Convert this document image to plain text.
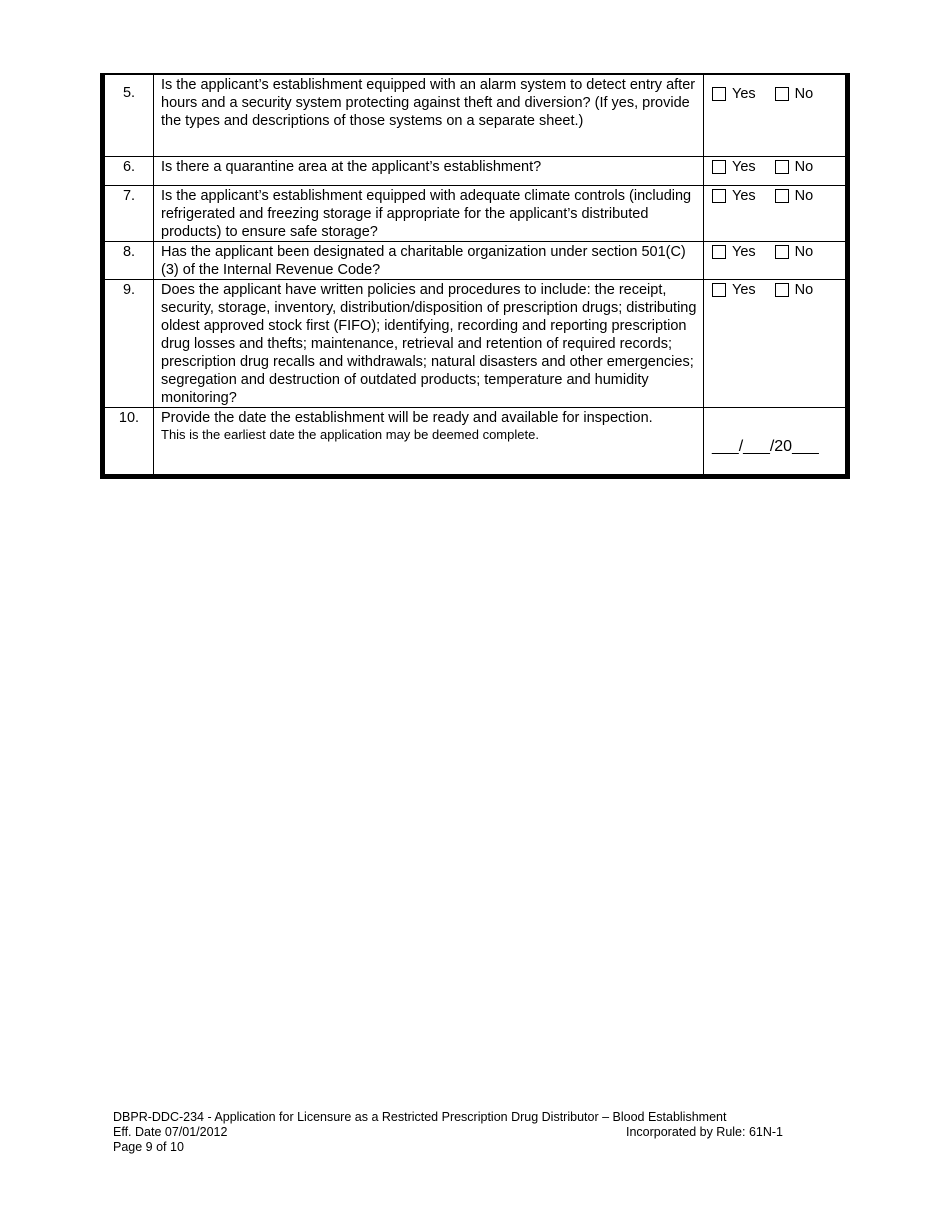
5.	Is the applicant’s establishment equipped with an alarm system to detect entry after hours and a security system protecting against theft and diversion? (If yes, provide the types and descriptions of those systems on a separate sheet.)	Yes No

6.	Is there a quarantine area at the applicant’s establishment?	Yes No

7.	Is the applicant’s establishment equipped with adequate climate controls (including refrigerated and freezing storage if appropriate for the applicant’s distributed products) to ensure safe storage?	Yes No

8.	Has the applicant been designated a charitable organization under section 501(C)(3) of the Internal Revenue Code?	Yes No

9.	Does the applicant have written policies and procedures to include: the receipt, security, storage, inventory, distribution/disposition of prescription drugs; distributing oldest approved stock first (FIFO); identifying, recording and reporting prescription drug losses and thefts; maintenance, retrieval and retention of required records; prescription drug recalls and withdrawals; natural disasters and other emergencies; segregation and destruction of outdated products; temperature and humidity monitoring?	Yes No

10.	Provide the date the establishment will be ready and available for inspection.
This is the earliest date the application may be deemed complete.	___/___/20___
DBPR-DDC-234 - Application for Licensure as a Restricted Prescription Drug Distributor – Blood Establishment
Eff. Date 07/01/2012	Incorporated by Rule: 61N-1
Page 9 of 10
